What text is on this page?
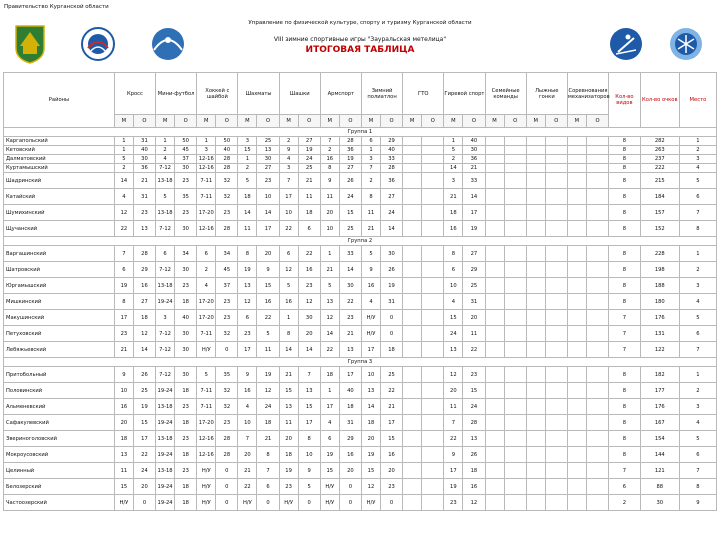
Правительство Курганской области
Управление по физической культуре, спорту и туризму Курганской области
VIII зимние спортивные игры "Зауральская метелица"
ИТОГОВАЯ ТАБЛИЦА
Районы	Кросс		Мини-футбол		Хоккей с шайбой		Шахматы		Шашки		Армспорт		Зимний полиатлон		ГТО		Гиревой спорт		Семейные команды		Лыжные гонки		Соревнования механизаторов		Кол-во видов	Кол-во очков	Место
	М	О	М	О	М	О	М	О	М	О	М	О	М	О	М	О	М	О	М	О	М	О	М	О			
Группа 1																											
Каргапольский	1	31	1	50	1	50	3	25	2	27	7	28	6	29			1	40							8	282	1
Кетовский	1	40	2	45	3	40	15	13	9	19	2	36	1	40			5	30							8	263	2
Далматовский	5	30	4	37	12-16	28	1	30	4	24	16	19	3	33			2	36							8	237	3
Куртамышский	2	36	7-12	30	12-16	28	2	27	3	25	8	27	7	28			14	21							8	222	4
Шадринский	14	21	13-18	23	7-11	32	5	23	7	21	9	26	2	36			3	33							8	215	5
Катайский	4	31	5	35	7-11	32	18	10	17	11	11	24	8	27			21	14							8	184	6
Шумихинский	12	23	13-18	23	17-20	23	14	14	10	18	20	15	11	24			18	17							8	157	7
Щучанский	22	13	7-12	30	12-16	28	11	17	22	6	10	25	21	14			16	19							8	152	8
Группа 2																											
Варгашинский	7	28	6	34	6	34	8	20	6	22	1	33	5	30			8	27							8	228	1
Шатровский	6	29	7-12	30	2	45	19	9	12	16	21	14	9	26			6	29							8	198	2
Юргамышский	19	16	13-18	23	4	37	13	15	5	23	5	30	16	19			10	25							8	188	3
Мишкинский	8	27	19-24	18	17-20	23	12	16	16	12	13	22	4	31			4	31							8	180	4
Макушинский	17	18	3	40	17-20	23	6	22	1	30	12	23	Н/У	0			15	20							7	176	5
Петуховский	23	12	7-12	30	7-11	32	23	5	8	20	14	21	Н/У	0			24	11							7	131	6
Лебяжьевский	21	14	7-12	30	Н/У	0	17	11	14	14	22	13	17	18			13	22							7	122	7
Группа 3																											
Притобольный	9	26	7-12	30	5	35	9	19	21	7	18	17	10	25			12	23							8	182	1
Половинский	10	25	19-24	18	7-11	32	16	12	15	13	1	40	13	22			20	15							8	177	2
Альменевский	16	19	13-18	23	7-11	32	4	24	13	15	17	18	14	21			11	24							8	176	3
Сафакулевский	20	15	19-24	18	17-20	23	10	18	11	17	4	31	18	17			7	28							8	167	4
Звериноголовский	18	17	13-18	23	12-16	28	7	21	20	8	6	29	20	15			22	13							8	154	5
Мокроусовский	13	22	19-24	18	12-16	28	20	8	18	10	19	16	19	16			9	26							8	144	6
Целинный	11	24	13-18	23	Н/У	0	21	7	19	9	15	20	15	20			17	18							7	121	7
Белозерский	15	20	19-24	18	Н/У	0	22	6	23	5	Н/У	0	12	23			19	16							6	88	8
Частоозерский	Н/У	0	19-24	18	Н/У	0	Н/У	0	Н/У	0	Н/У	0	Н/У	0			23	12							2	30	9
